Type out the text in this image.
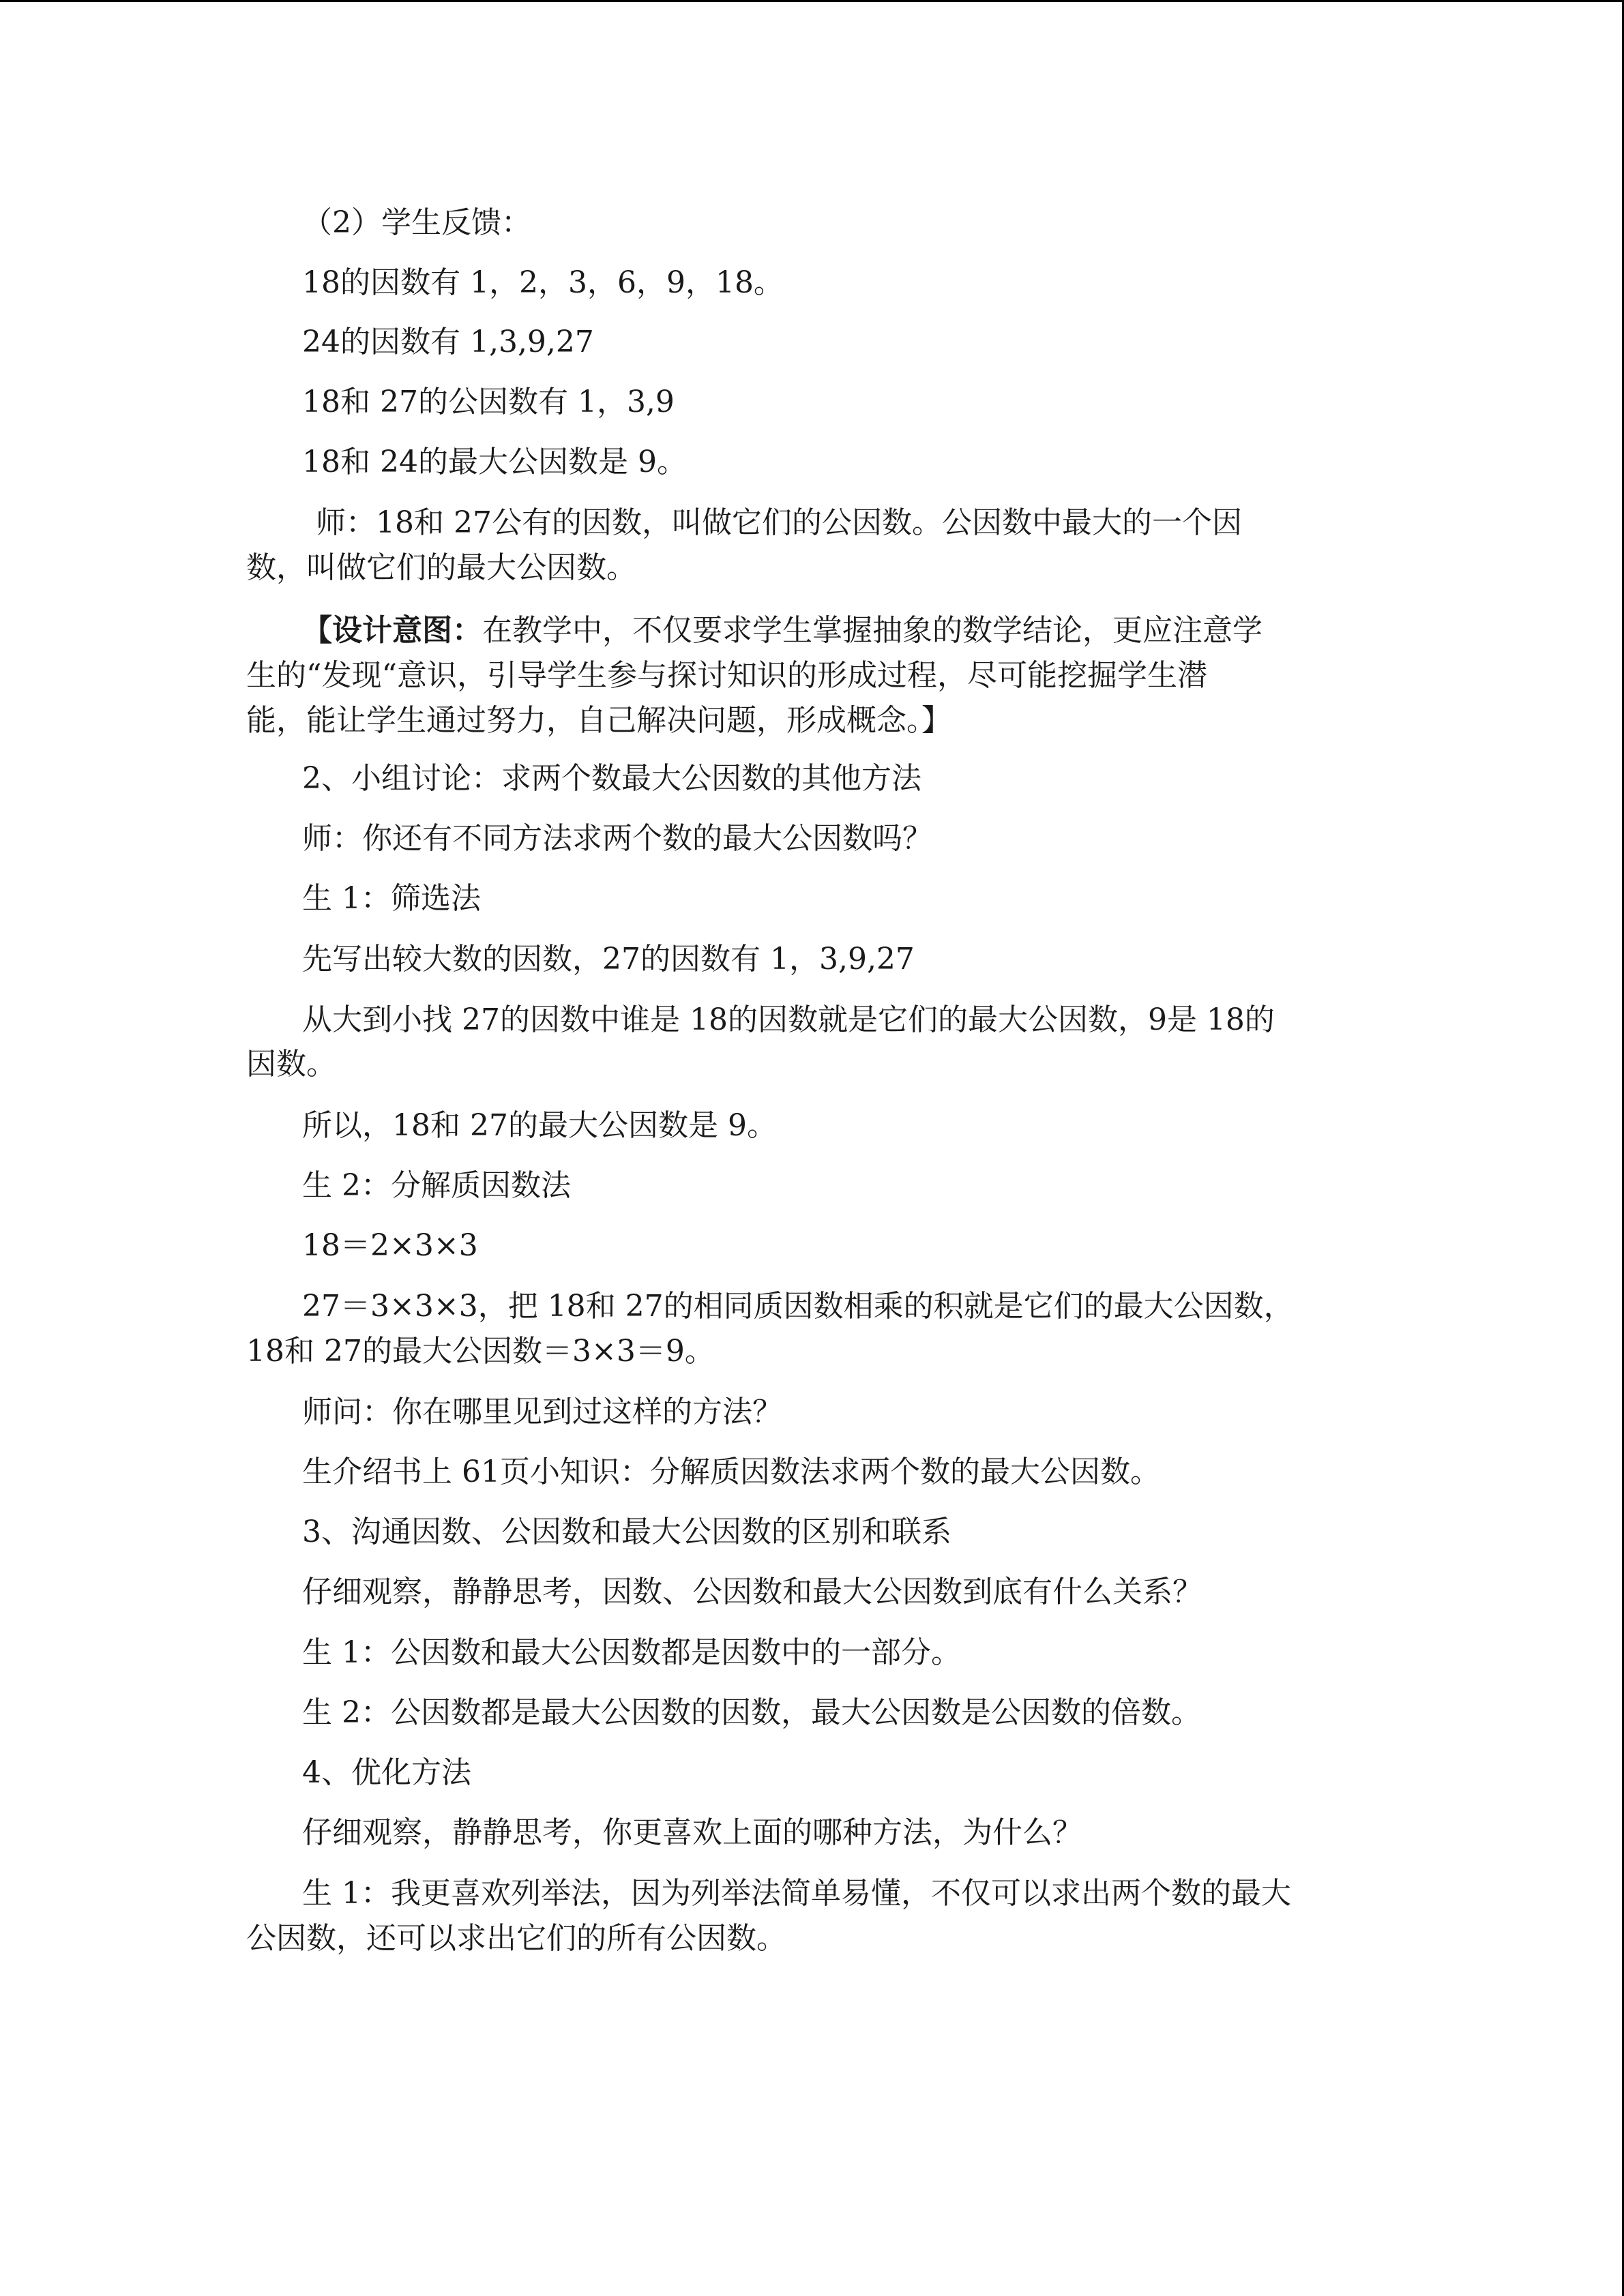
（2）学生反馈：
18的因数有 1，2，3，6，9，18。
24的因数有 1,3,9,27
18和 27的公因数有 1，3,9
18和 24的最大公因数是 9。
师：18和 27公有的因数，叫做它们的公因数。公因数中最大的一个因
数，叫做它们的最大公因数。
【设计意图：在教学中，不仅要求学生掌握抽象的数学结论，更应注意学
生的“发现“意识，引导学生参与探讨知识的形成过程，尽可能挖掘学生潜
能，能让学生通过努力，自己解决问题，形成概念。】
2、小组讨论：求两个数最大公因数的其他方法
师：你还有不同方法求两个数的最大公因数吗？
生 1：筛选法
先写出较大数的因数，27的因数有 1，3,9,27
从大到小找 27的因数中谁是 18的因数就是它们的最大公因数，9是 18的
因数。
所以，18和 27的最大公因数是 9。
生 2：分解质因数法
18＝2×3×3
27＝3×3×3，把 18和 27的相同质因数相乘的积就是它们的最大公因数，
18和 27的最大公因数＝3×3＝9。
师问：你在哪里见到过这样的方法？
生介绍书上 61页小知识：分解质因数法求两个数的最大公因数。
3、沟通因数、公因数和最大公因数的区别和联系
仔细观察，静静思考，因数、公因数和最大公因数到底有什么关系？
生 1：公因数和最大公因数都是因数中的一部分。
生 2：公因数都是最大公因数的因数，最大公因数是公因数的倍数。
4、优化方法
仔细观察，静静思考，你更喜欢上面的哪种方法，为什么？
生 1：我更喜欢列举法，因为列举法简单易懂，不仅可以求出两个数的最大
公因数，还可以求出它们的所有公因数。
